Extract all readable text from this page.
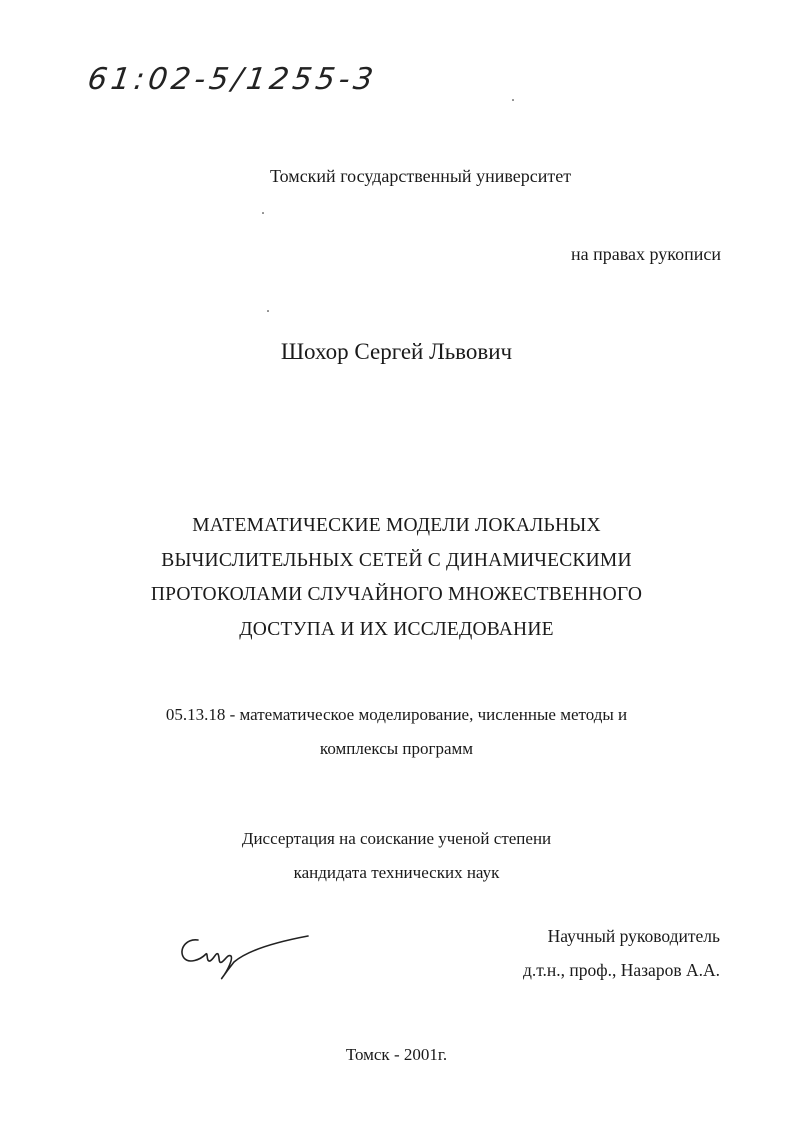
61:02-5/1255-3
Томский государственный университет
на правах рукописи
Шохор Сергей Львович
МАТЕМАТИЧЕСКИЕ МОДЕЛИ ЛОКАЛЬНЫХ
ВЫЧИСЛИТЕЛЬНЫХ СЕТЕЙ С ДИНАМИЧЕСКИМИ
ПРОТОКОЛАМИ СЛУЧАЙНОГО МНОЖЕСТВЕННОГО
ДОСТУПА И ИХ ИССЛЕДОВАНИЕ
05.13.18 - математическое моделирование, численные методы и
комплексы программ
Диссертация на соискание ученой степени
кандидата технических наук
Научный руководитель
д.т.н., проф., Назаров А.А.
Томск - 2001г.
